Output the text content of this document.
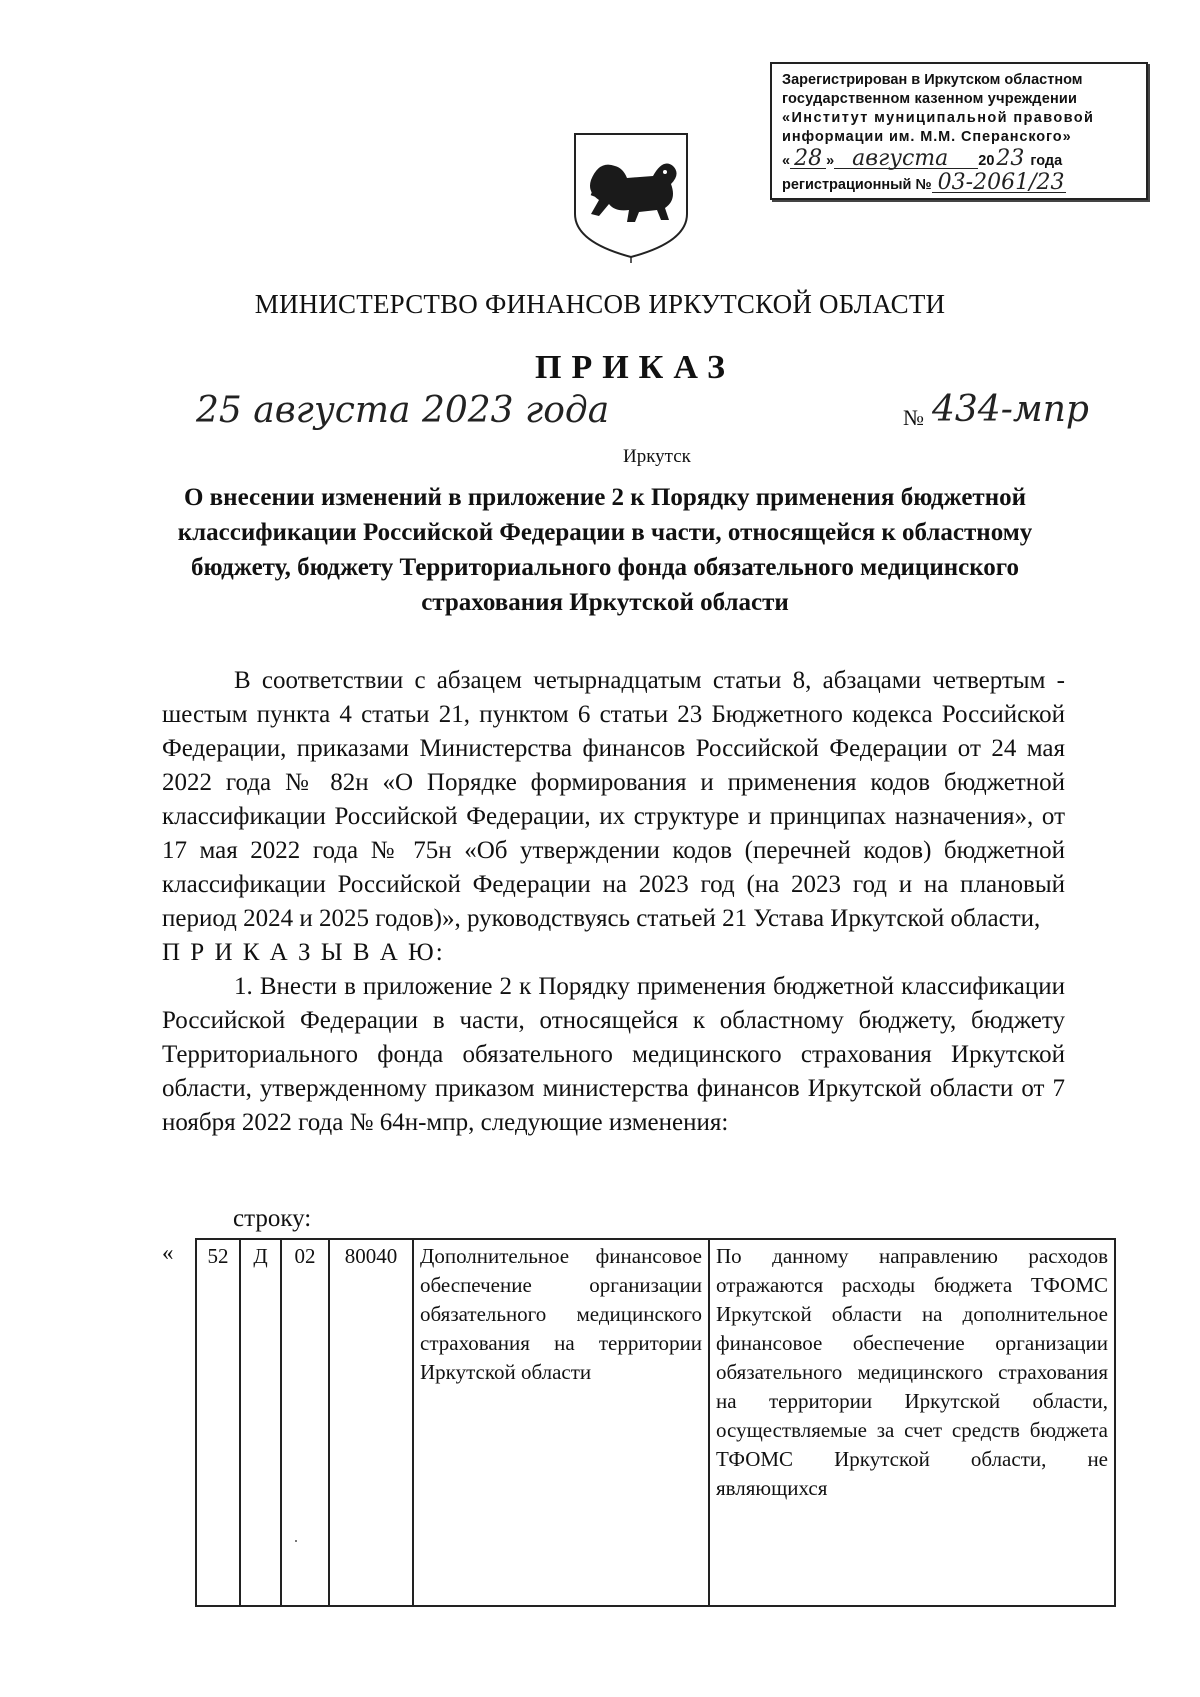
Зарегистрирован в Иркутском областном
государственном казенном учреждении
«Институт муниципальной правовой
информации им. М.М. Сперанского»
« 28 » августа	20 23 года
регистрационный № 03-2061/23
МИНИСТЕРСТВО ФИНАНСОВ ИРКУТСКОЙ ОБЛАСТИ
ПРИКАЗ
25 августа 2023 года	№ 434-мпр
Иркутск
О внесении изменений в приложение 2 к Порядку применения бюджетной классификации Российской Федерации в части, относящейся к областному бюджету, бюджету Территориального фонда обязательного медицинского страхования Иркутской области

В соответствии с абзацем четырнадцатым статьи 8, абзацами четвертым - шестым пункта 4 статьи 21, пунктом 6 статьи 23 Бюджетного кодекса Российской Федерации, приказами Министерства финансов Российской Федерации от 24 мая 2022 года № 82н «О Порядке формирования и применения кодов бюджетной классификации Российской Федерации, их структуре и принципах назначения», от 17 мая 2022 года № 75н «Об утверждении кодов (перечней кодов) бюджетной классификации Российской Федерации на 2023 год (на 2023 год и на плановый период 2024 и 2025 годов)», руководствуясь статьей 21 Устава Иркутской области,

П Р И К А З Ы В А Ю:

1. Внести в приложение 2 к Порядку применения бюджетной классификации Российской Федерации в части, относящейся к областному бюджету, бюджету Территориального фонда обязательного медицинского страхования Иркутской области, утвержденному приказом министерства финансов Иркутской области от 7 ноября 2022 года № 64н-мпр, следующие изменения:

строку:
« 52	Д	02	80040	Дополнительное финансовое обеспечение организации обязательного медицинского страхования на территории Иркутской области	По данному направлению расходов отражаются расходы бюджета ТФОМС Иркутской области на дополнительное финансовое обеспечение организации обязательного медицинского страхования на территории Иркутской области, осуществляемые за счет средств бюджета ТФОМС Иркутской области, не являющихся
